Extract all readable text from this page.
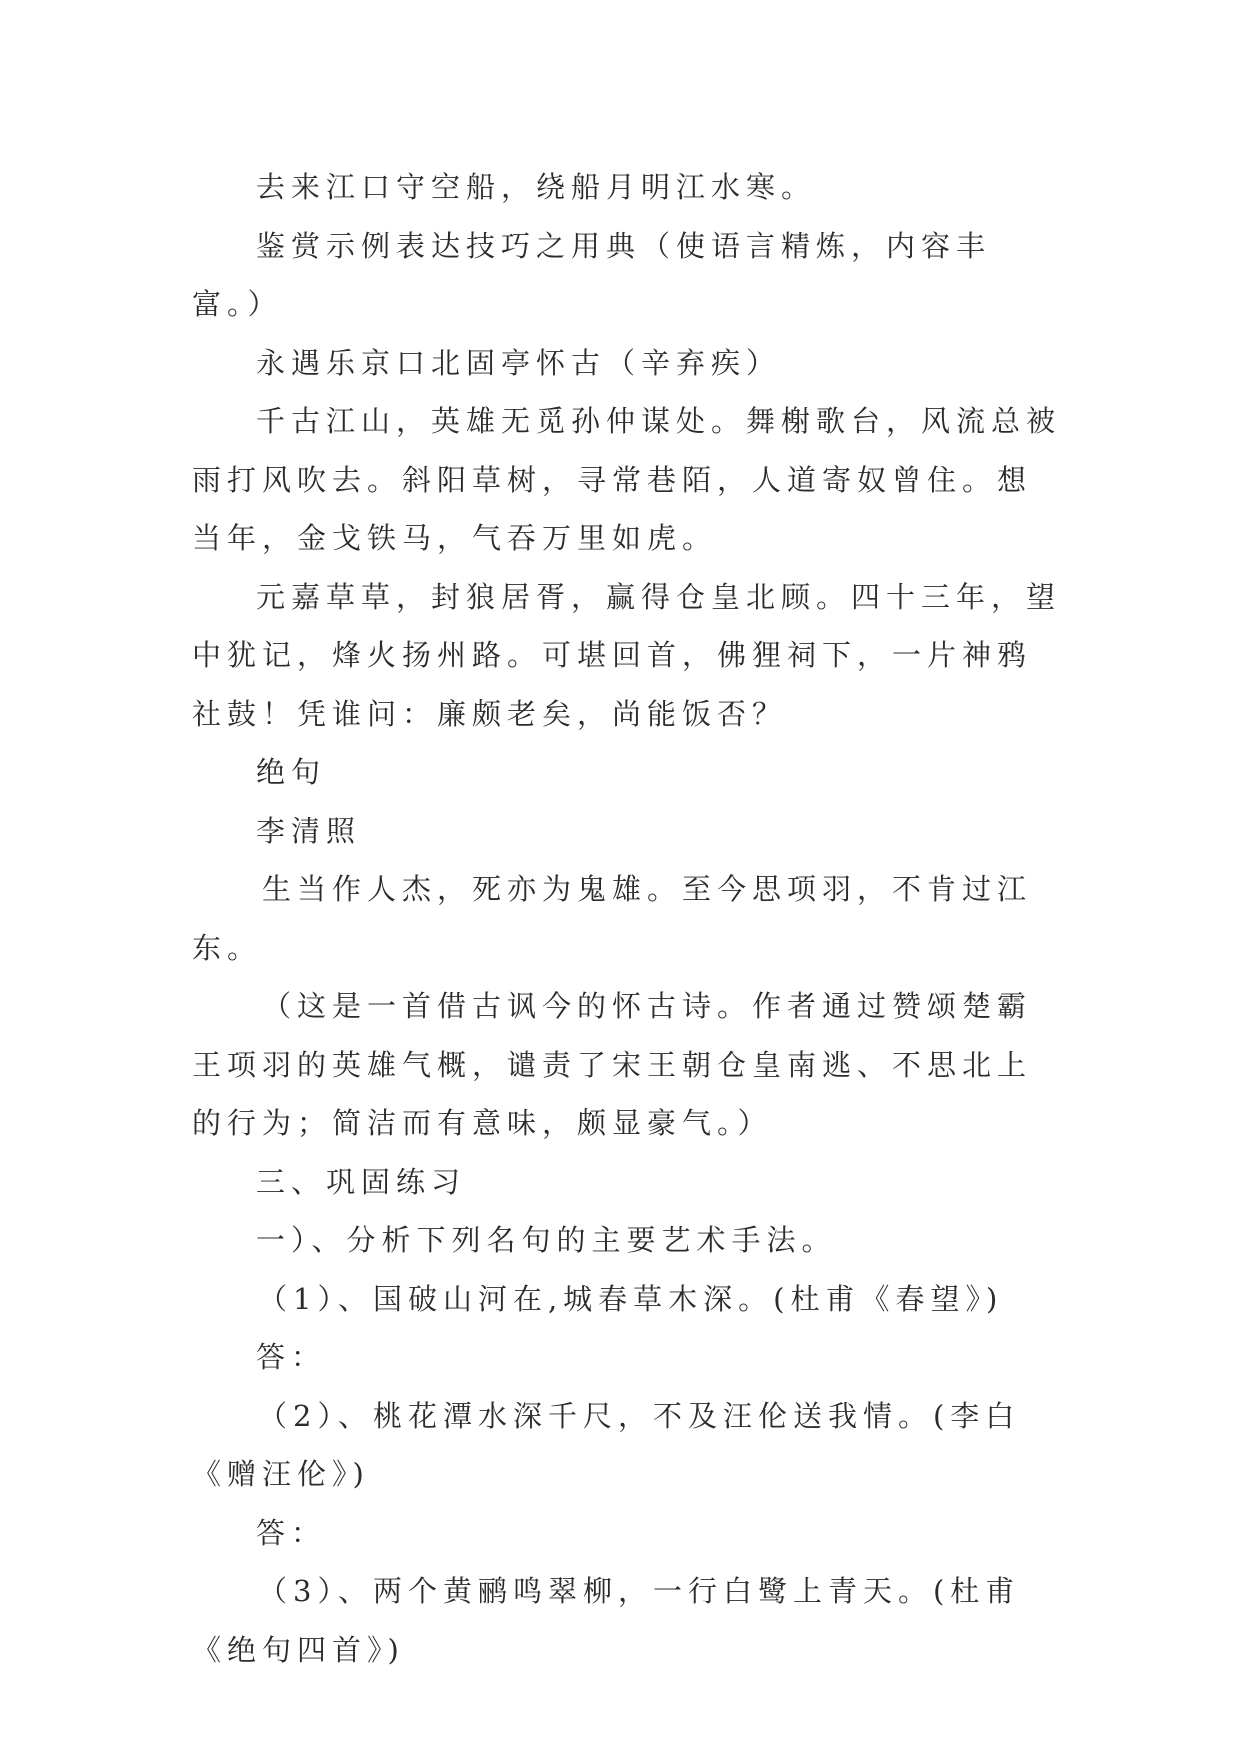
去来江口守空船，绕船月明江水寒。

鉴赏示例表达技巧之用典（使语言精炼，内容丰富。）

永遇乐京口北固亭怀古（辛弃疾）

千古江山，英雄无觅孙仲谋处。舞榭歌台，风流总被雨打风吹去。斜阳草树，寻常巷陌，人道寄奴曾住。想当年，金戈铁马，气吞万里如虎。

元嘉草草，封狼居胥，赢得仓皇北顾。四十三年，望中犹记，烽火扬州路。可堪回首，佛狸祠下，一片神鸦社鼓！凭谁问：廉颇老矣，尚能饭否？

绝句

李清照

生当作人杰，死亦为鬼雄。至今思项羽，不肯过江东。

（这是一首借古讽今的怀古诗。作者通过赞颂楚霸王项羽的英雄气概，谴责了宋王朝仓皇南逃、不思北上的行为；简洁而有意味，颇显豪气。）

三、巩固练习

一）、分析下列名句的主要艺术手法。

（1）、国破山河在,城春草木深。(杜甫《春望》)

答：

（2）、桃花潭水深千尺，不及汪伦送我情。(李白《赠汪伦》)

答：

（3）、两个黄鹂鸣翠柳，一行白鹭上青天。(杜甫《绝句四首》)
